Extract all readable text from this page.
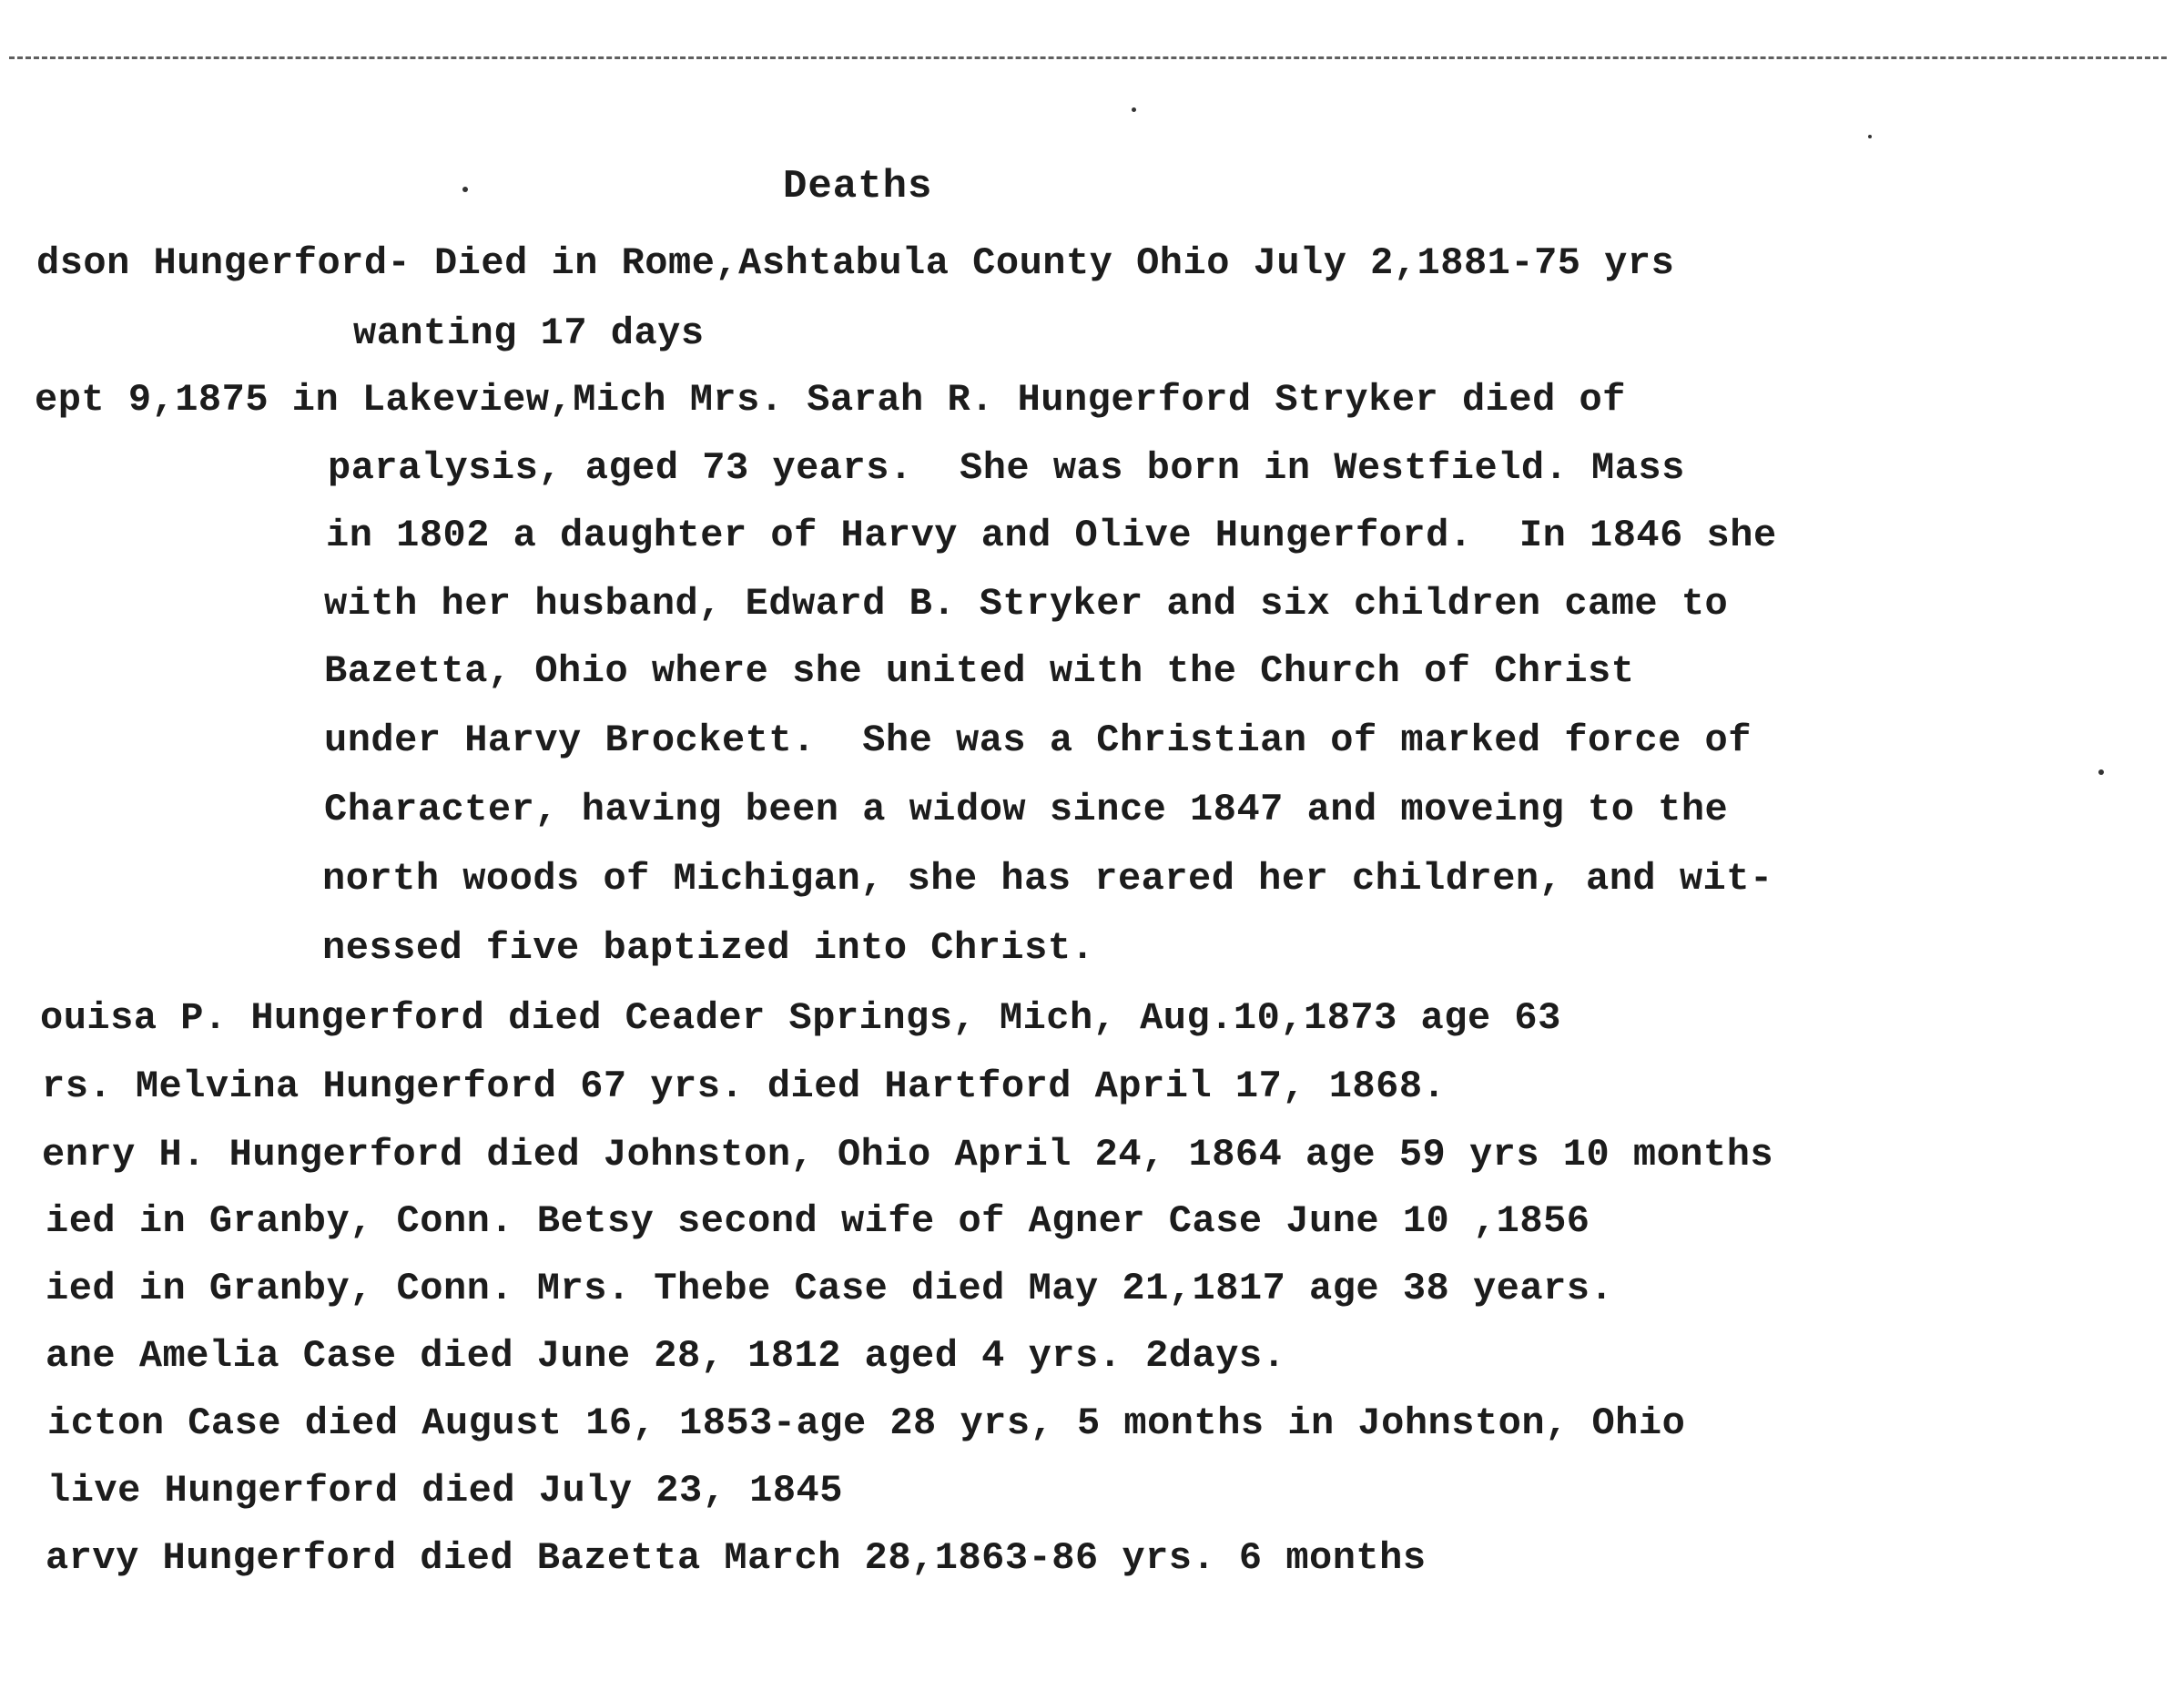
Deaths
dson Hungerford- Died in Rome,Ashtabula County Ohio July 2,1881-75 yrs
wanting 17 days
ept 9,1875 in Lakeview,Mich Mrs. Sarah R. Hungerford Stryker died of
paralysis, aged 73 years.  She was born in Westfield. Mass
in 1802 a daughter of Harvy and Olive Hungerford.  In 1846 she
with her husband, Edward B. Stryker and six children came to
Bazetta, Ohio where she united with the Church of Christ
under Harvy Brockett.  She was a Christian of marked force of
Character, having been a widow since 1847 and moveing to the
north woods of Michigan, she has reared her children, and wit-
nessed five baptized into Christ.
ouisa P. Hungerford died Ceader Springs, Mich, Aug.10,1873 age 63
rs. Melvina Hungerford 67 yrs. died Hartford April 17, 1868.
enry H. Hungerford died Johnston, Ohio April 24, 1864 age 59 yrs 10 months
ied in Granby, Conn. Betsy second wife of Agner Case June 10 ,1856
ied in Granby, Conn. Mrs. Thebe Case died May 21,1817 age 38 years.
ane Amelia Case died June 28, 1812 aged 4 yrs. 2days.
icton Case died August 16, 1853-age 28 yrs, 5 months in Johnston, Ohio
live Hungerford died July 23, 1845
arvy Hungerford died Bazetta March 28,1863-86 yrs. 6 months
